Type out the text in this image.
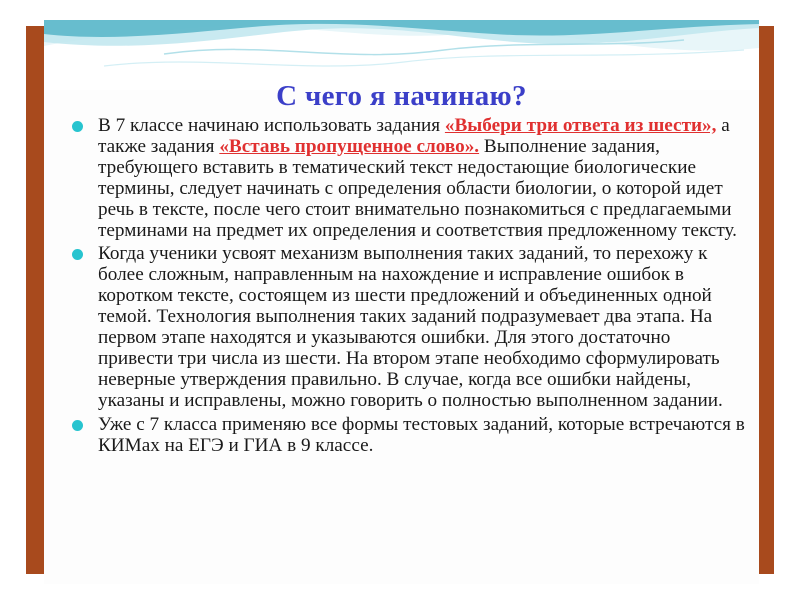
С чего я начинаю?
В 7 классе начинаю использовать задания «Выбери три ответа из шести», а также задания «Вставь пропущенное слово». Выполнение задания, требующего вставить в тематический текст недостающие биологические термины, следует начинать с определения области биологии, о которой идет речь в тексте, после чего стоит внимательно познакомиться с предлагаемыми терминами на предмет их определения и соответствия предложенному тексту.
Когда ученики усвоят механизм выполнения таких заданий, то перехожу к более сложным, направленным на нахождение и исправление ошибок в коротком тексте, состоящем из шести предложений и объединенных одной темой. Технология выполнения таких заданий подразумевает два этапа. На первом этапе находятся и указываются ошибки. Для этого достаточно привести три числа из шести. На втором этапе необходимо сформулировать неверные утверждения правильно. В случае, когда все ошибки найдены, указаны и исправлены, можно говорить о полностью выполненном задании.
Уже с 7 класса применяю все формы тестовых заданий, которые встречаются в КИМах на ЕГЭ и ГИА в 9 классе.
